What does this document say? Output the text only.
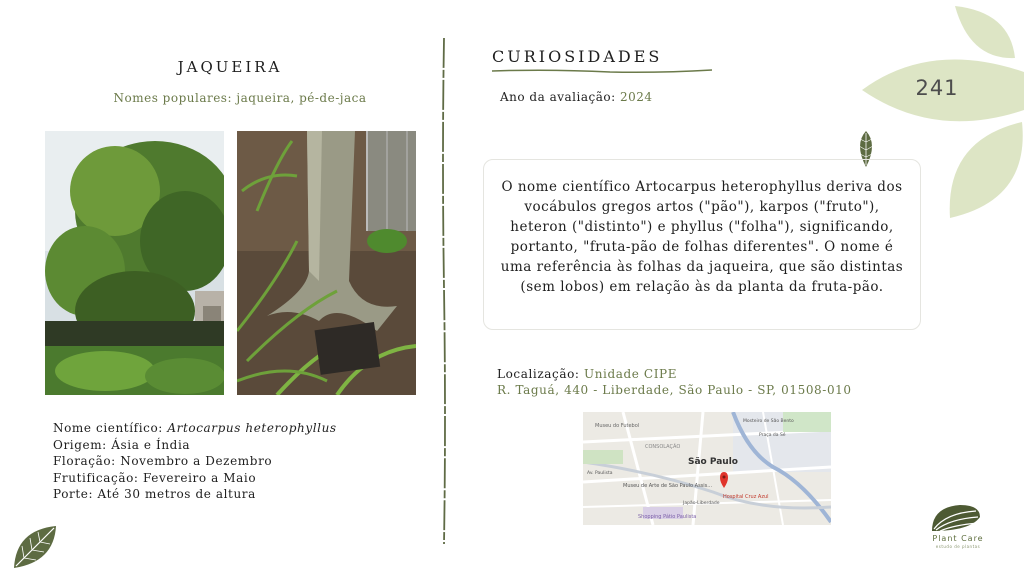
JAQUEIRA
Nomes populares: jaqueira, pé-de-jaca
Nome científico: Artocarpus heterophyllus
Origem: Ásia e Índia
Floração: Novembro a Dezembro
Frutificação: Fevereiro a Maio
Porte: Até 30 metros de altura
CURIOSIDADES
Ano da avaliação: 2024	241
O nome científico Artocarpus heterophyllus deriva dos vocábulos gregos artos ("pão"), karpos ("fruto"), heteron ("distinto") e phyllus ("folha"), significando, portanto, "fruta-pão de folhas diferentes". O nome é uma referência às folhas da jaqueira, que são distintas (sem lobos) em relação às da planta da fruta-pão.
Localização: Unidade CIPE
R. Taguá, 440 - Liberdade, São Paulo - SP, 01508-010
Museu do Futebol
CONSOLAÇÃO
São Paulo
Museu de Arte de São Paulo Assis...
Hospital Cruz Azul
Shopping Pátio Paulista
Japão-Liberdade
Mosteiro de São Bento
Praça da Sé
Av. Paulista
Plant Care
estudo de plantas
